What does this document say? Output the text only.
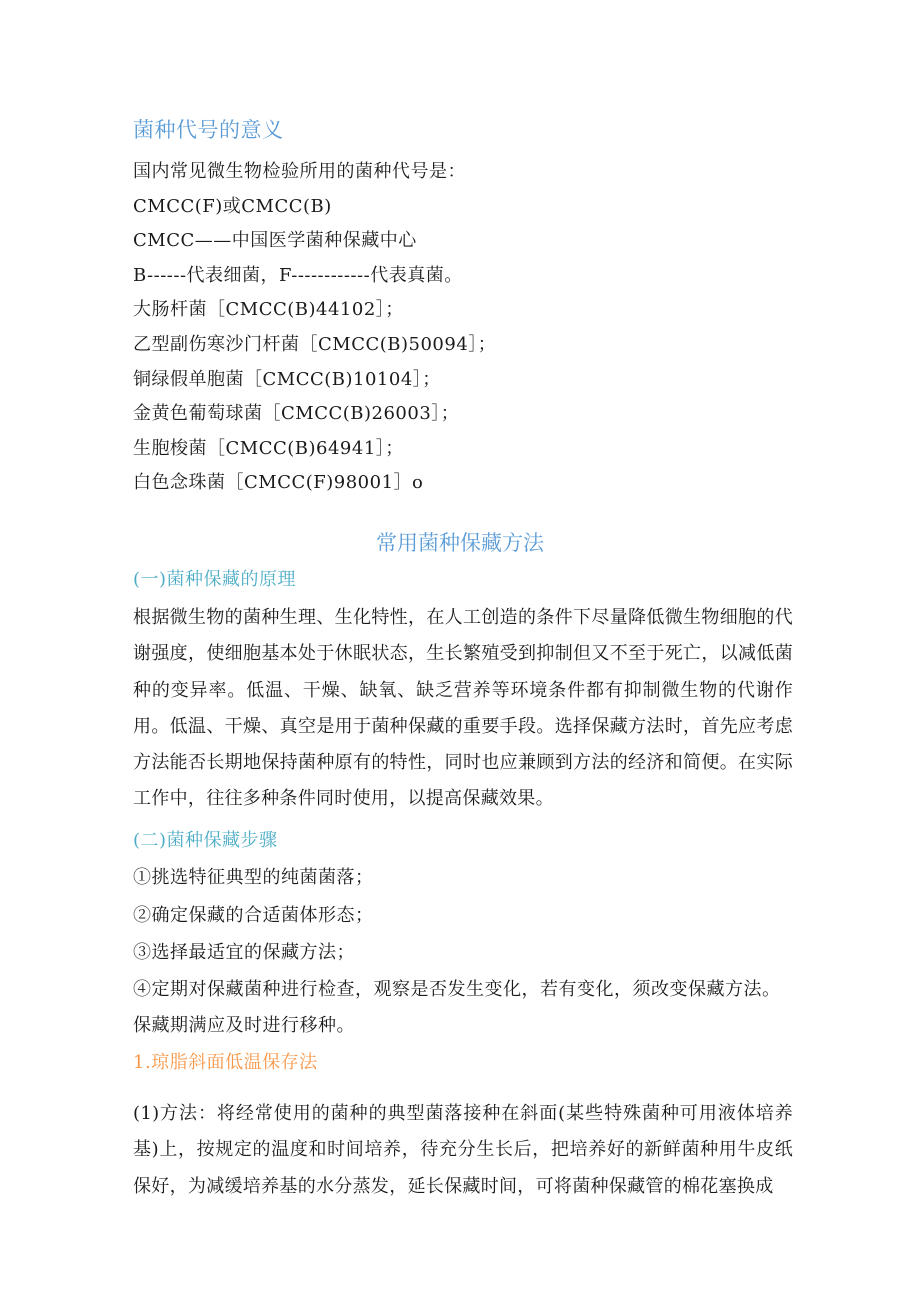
菌种代号的意义
国内常见微生物检验所用的菌种代号是：
CMCC(F)或CMCC(B)
CMCC——中国医学菌种保藏中心
B------代表细菌，F------------代表真菌。
大肠杆菌［CMCC(B)44102］；
乙型副伤寒沙门杆菌［CMCC(B)50094］；
铜绿假单胞菌［CMCC(B)10104］；
金黄色葡萄球菌［CMCC(B)26003］；
生胞梭菌［CMCC(B)64941］；
白色念珠菌［CMCC(F)98001］o
常用菌种保藏方法
(一)菌种保藏的原理
根据微生物的菌种生理、生化特性，在人工创造的条件下尽量降低微生物细胞的代谢强度，使细胞基本处于休眠状态，生长繁殖受到抑制但又不至于死亡，以减低菌种的变异率。低温、干燥、缺氧、缺乏营养等环境条件都有抑制微生物的代谢作用。低温、干燥、真空是用于菌种保藏的重要手段。选择保藏方法时，首先应考虑方法能否长期地保持菌种原有的特性，同时也应兼顾到方法的经济和简便。在实际工作中，往往多种条件同时使用，以提高保藏效果。
(二)菌种保藏步骤
①挑选特征典型的纯菌菌落；
②确定保藏的合适菌体形态；
③选择最适宜的保藏方法；
④定期对保藏菌种进行检查，观察是否发生变化，若有变化，须改变保藏方法。
保藏期满应及时进行移种。
1.琼脂斜面低温保存法
(1)方法：将经常使用的菌种的典型菌落接种在斜面(某些特殊菌种可用液体培养基)上，按规定的温度和时间培养，待充分生长后，把培养好的新鲜菌种用牛皮纸保好，为减缓培养基的水分蒸发，延长保藏时间，可将菌种保藏管的棉花塞换成
